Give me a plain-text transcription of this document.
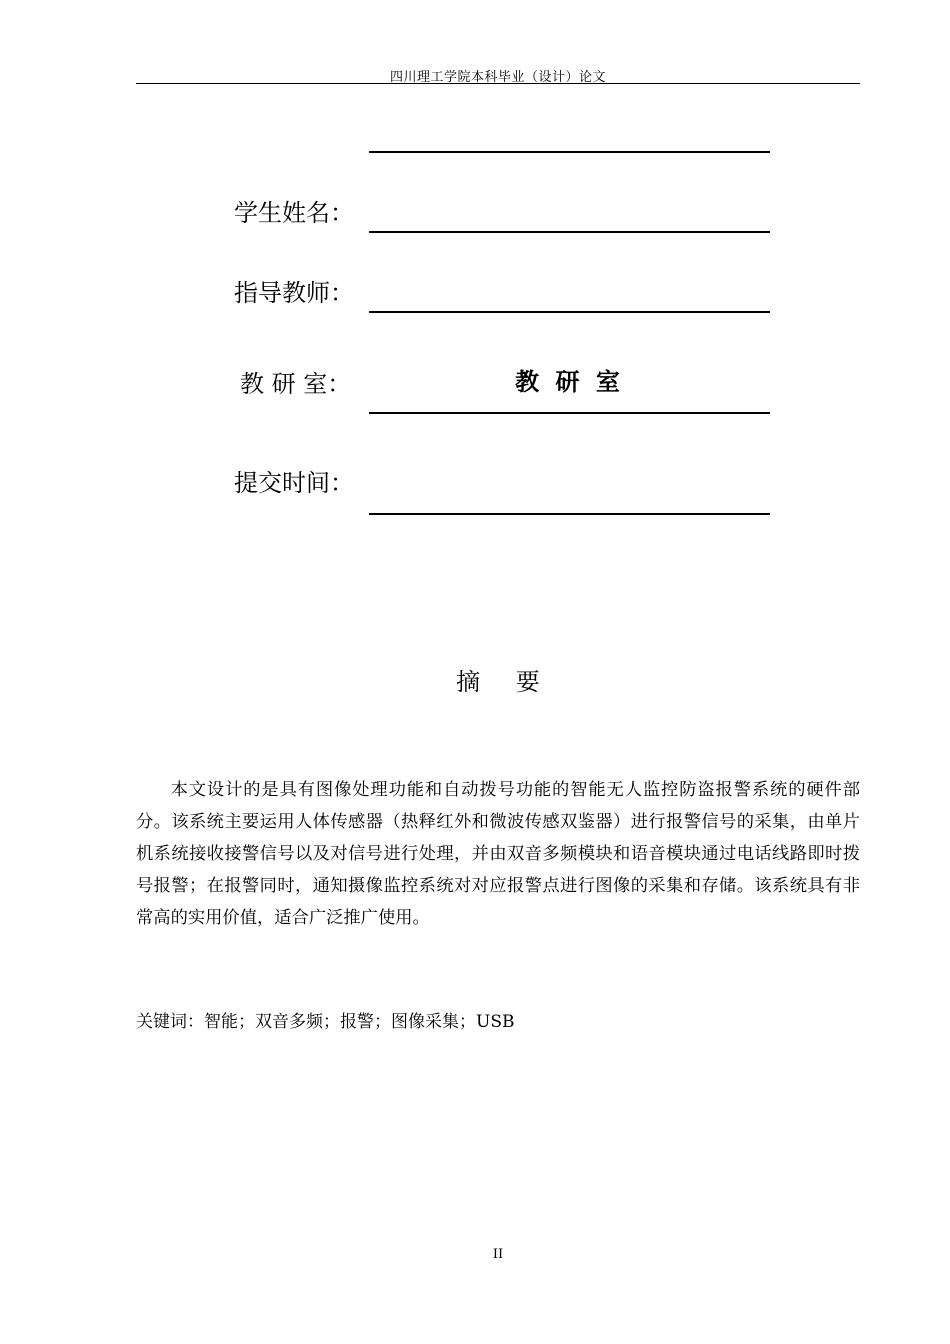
四川理工学院本科毕业（设计）论文
学生姓名：
指导教师：
教 研 室：	教 研 室
提交时间：
摘 要
本文设计的是具有图像处理功能和自动拨号功能的智能无人监控防盗报警系统的硬件部分。该系统主要运用人体传感器（热释红外和微波传感双鉴器）进行报警信号的采集，由单片机系统接收接警信号以及对信号进行处理，并由双音多频模块和语音模块通过电话线路即时拨号报警；在报警同时，通知摄像监控系统对对应报警点进行图像的采集和存储。该系统具有非常高的实用价值，适合广泛推广使用。
关键词：智能；双音多频；报警；图像采集；USB
II
